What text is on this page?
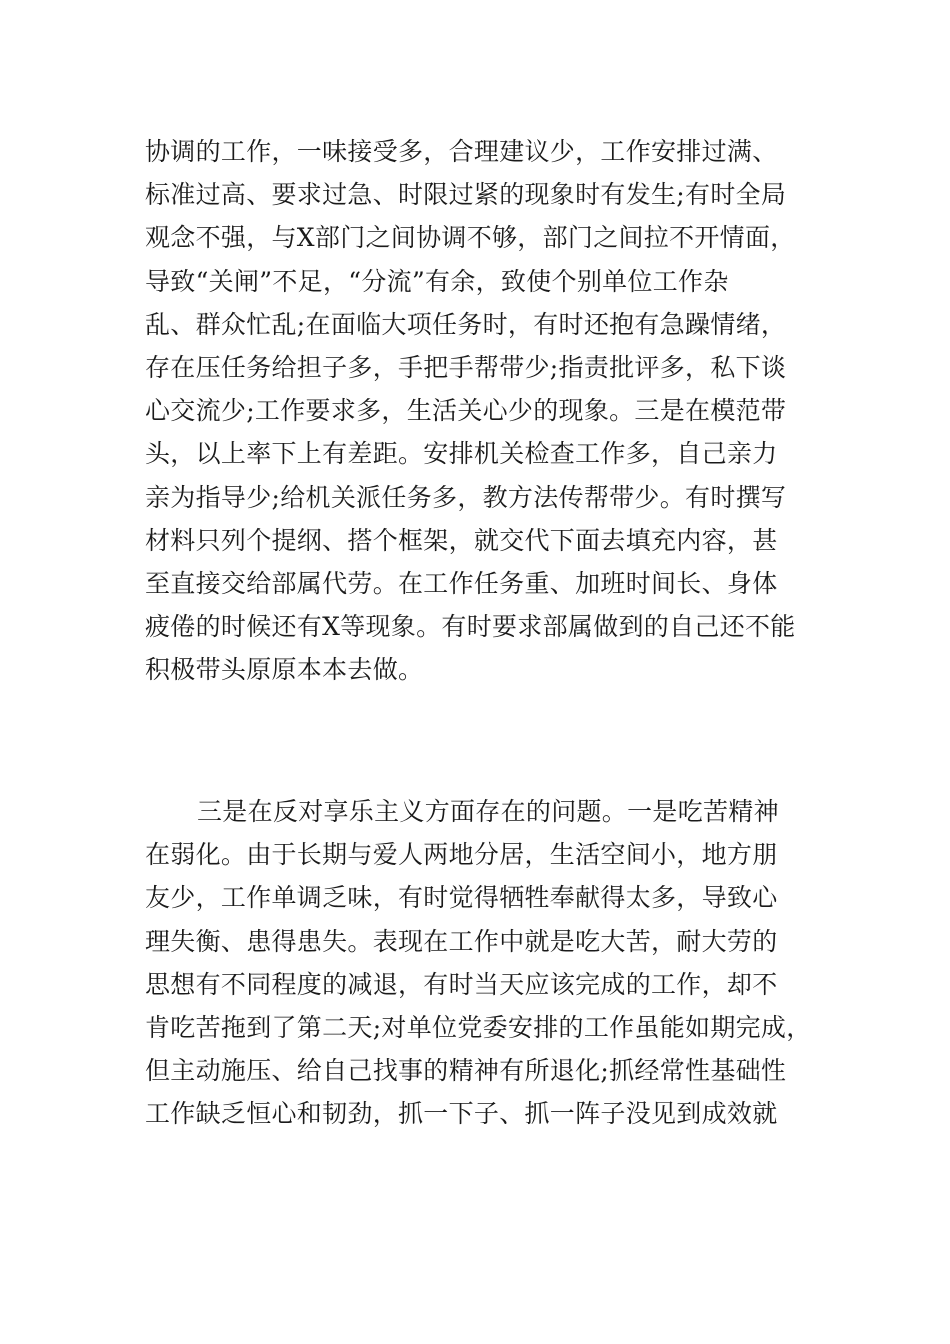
协调的工作，一味接受多，合理建议少，工作安排过满、
标准过高、要求过急、时限过紧的现象时有发生;有时全局
观念不强，与X部门之间协调不够，部门之间拉不开情面，
导致“关闸”不足，“分流”有余，致使个别单位工作杂
乱、群众忙乱;在面临大项任务时，有时还抱有急躁情绪，
存在压任务给担子多，手把手帮带少;指责批评多，私下谈
心交流少;工作要求多，生活关心少的现象。三是在模范带
头，以上率下上有差距。安排机关检查工作多，自己亲力
亲为指导少;给机关派任务多，教方法传帮带少。有时撰写
材料只列个提纲、搭个框架，就交代下面去填充内容，甚
至直接交给部属代劳。在工作任务重、加班时间长、身体
疲倦的时候还有X等现象。有时要求部属做到的自己还不能
积极带头原原本本去做。
三是在反对享乐主义方面存在的问题。一是吃苦精神
在弱化。由于长期与爱人两地分居，生活空间小，地方朋
友少，工作单调乏味，有时觉得牺牲奉献得太多，导致心
理失衡、患得患失。表现在工作中就是吃大苦，耐大劳的
思想有不同程度的减退，有时当天应该完成的工作，却不
肯吃苦拖到了第二天;对单位党委安排的工作虽能如期完成，
但主动施压、给自己找事的精神有所退化;抓经常性基础性
工作缺乏恒心和韧劲，抓一下子、抓一阵子没见到成效就
